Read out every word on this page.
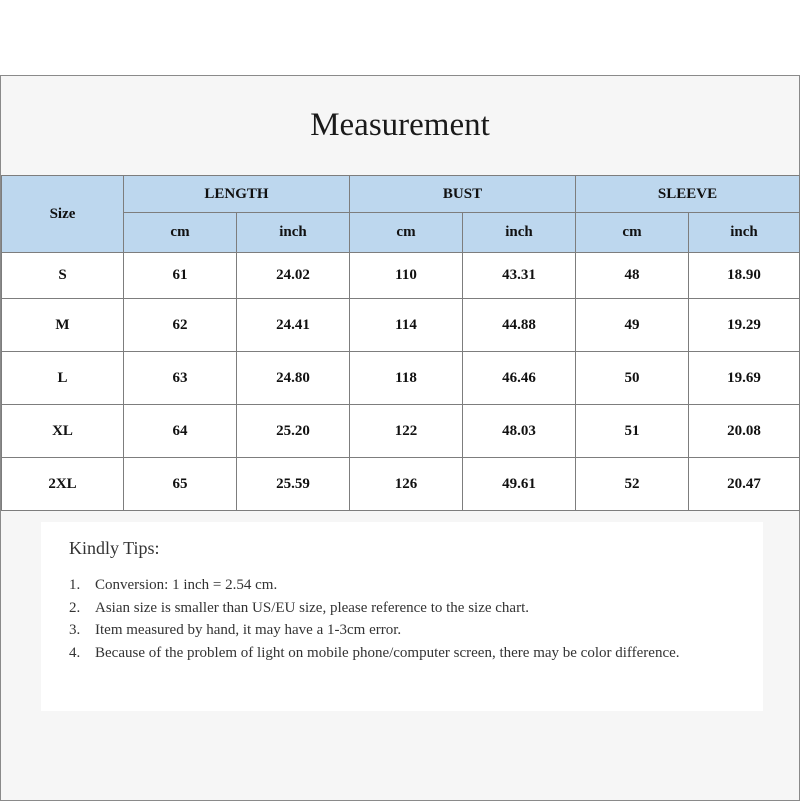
Measurement
Size	LENGTH		BUST		SLEEVE	
	cm	inch	cm	inch	cm	inch
S	61	24.02	110	43.31	48	18.90
M	62	24.41	114	44.88	49	19.29
L	63	24.80	118	46.46	50	19.69
XL	64	25.20	122	48.03	51	20.08
2XL	65	25.59	126	49.61	52	20.47
Kindly Tips:
1. Conversion: 1 inch = 2.54 cm.
2. Asian size is smaller than US/EU size, please reference to the size chart.
3. Item measured by hand, it may have a 1-3cm error.
4. Because of the problem of light on mobile phone/computer screen, there may be color difference.
